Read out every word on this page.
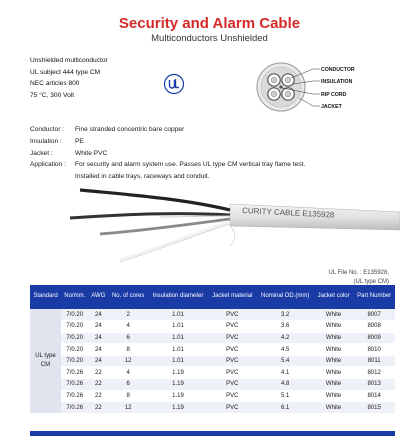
Security and Alarm Cable
Multiconductors Unshielded
Unshielded multiconductor
UL subject 444 type CM
NEC articles 800
75 °C, 300 Volt
CONDUCTOR
INSULATION
RIP CORD
JACKET
Conductor :	Fine stranded concentric bare copper
Insulation :	PE
Jacket :	White PVC
Application :	For security and alarm system use. Passes UL type CM vertical tray flame test.
Installed in cable trays, raceways and conduit.
CURITY CABLE E135928
UL File No. : E135928,
(UL type CM)
Standard	No/mm.	AWG	No. of cores	Insulation diameter	Jacket material	Nominal OD.(mm)	Jacket color	Part Number

UL type
CM	7/0.20	24	2	1.01	PVC	3.2	White	8007
	7/0.20	24	4	1.01	PVC	3.6	White	8008
	7/0.20	24	6	1.01	PVC	4.2	White	8009
	7/0.20	24	8	1.01	PVC	4.5	White	8010
	7/0.20	24	12	1.01	PVC	5.4	White	8011
	7/0.26	22	4	1.19	PVC	4.1	White	8012
	7/0.26	22	6	1.19	PVC	4.8	White	8013
	7/0.26	22	8	1.19	PVC	5.1	White	8014
	7/0.26	22	12	1.19	PVC	6.1	White	8015
